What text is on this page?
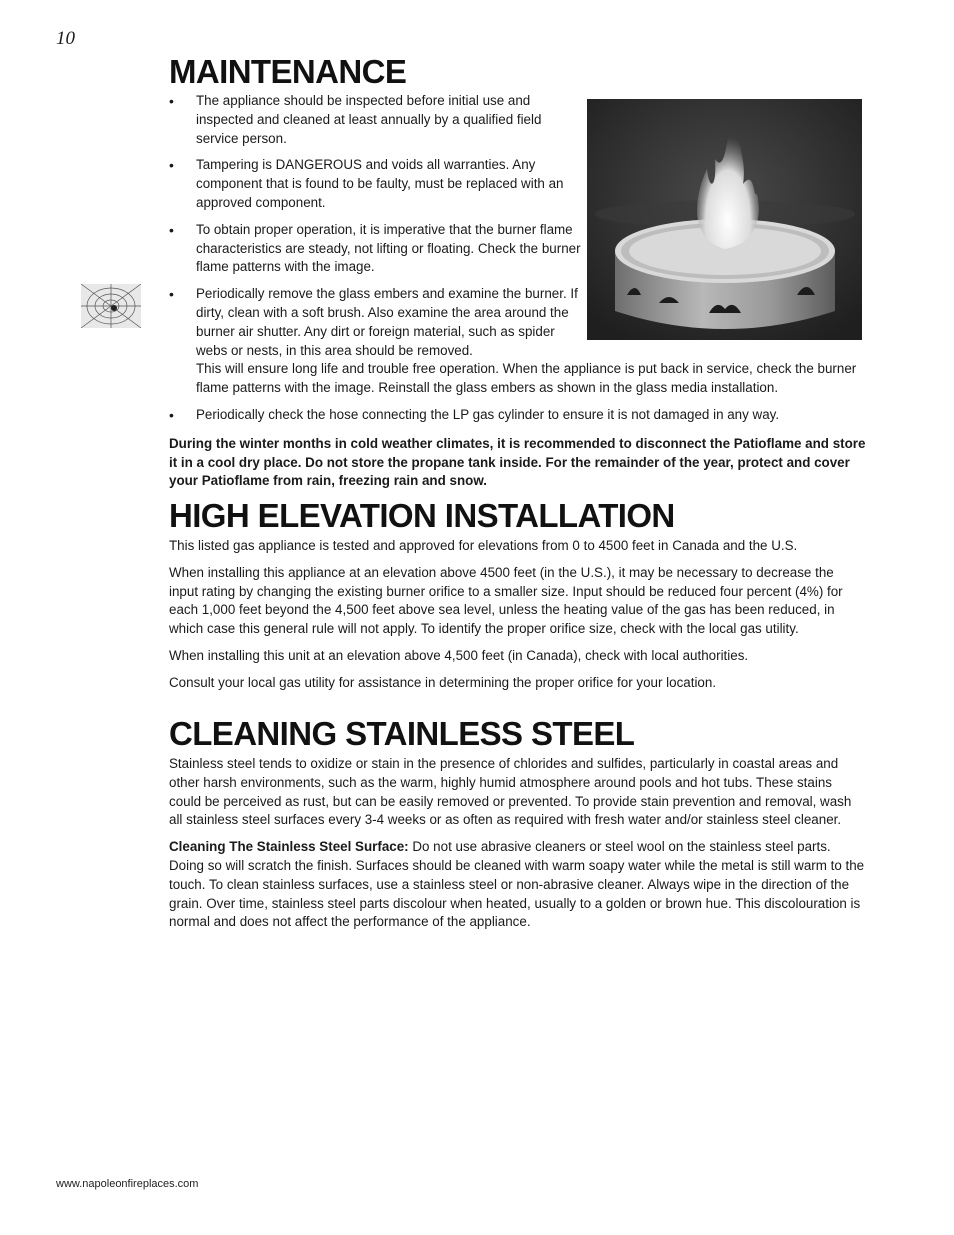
10
MAINTENANCE
• The appliance should be inspected before initial use and inspected and cleaned at least annually by a qualified field service person.
• Tampering is DANGEROUS and voids all warranties. Any component that is found to be faulty, must be replaced with an approved component.
• To obtain proper operation, it is imperative that the burner flame characteristics are steady, not lifting or floating. Check the burner flame patterns with the image.
• Periodically remove the glass embers and examine the burner. If dirty, clean with a soft brush. Also examine the area around the burner air shutter. Any dirt or foreign material, such as spider webs or nests, in this area should be removed.
This will ensure long life and trouble free operation. When the appliance is put back in service, check the burner flame patterns with the image. Reinstall the glass embers as shown in the glass media installation.
• Periodically check the hose connecting the LP gas cylinder to ensure it is not damaged in any way.

During the winter months in cold weather climates, it is recommended to disconnect the Patioflame and store it in a cool dry place. Do not store the propane tank inside. For the remainder of the year, protect and cover your Patioflame from rain, freezing rain and snow.

HIGH ELEVATION INSTALLATION

This listed gas appliance is tested and approved for elevations from 0 to 4500 feet in Canada and the U.S.

When installing this appliance at an elevation above 4500 feet (in the U.S.), it may be necessary to decrease the input rating by changing the existing burner orifice to a smaller size. Input should be reduced four percent (4%) for each 1,000 feet beyond the 4,500 feet above sea level, unless the heating value of the gas has been reduced, in which case this general rule will not apply. To identify the proper orifice size, check with the local gas utility.

When installing this unit at an elevation above 4,500 feet (in Canada), check with local authorities.

Consult your local gas utility for assistance in determining the proper orifice for your location.

CLEANING STAINLESS STEEL

Stainless steel tends to oxidize or stain in the presence of chlorides and sulfides, particularly in coastal areas and other harsh environments, such as the warm, highly humid atmosphere around pools and hot tubs. These stains could be perceived as rust, but can be easily removed or prevented. To provide stain prevention and removal, wash all stainless steel surfaces every 3-4 weeks or as often as required with fresh water and/or stainless steel cleaner.

Cleaning The Stainless Steel Surface: Do not use abrasive cleaners or steel wool on the stainless steel parts. Doing so will scratch the finish. Surfaces should be cleaned with warm soapy water while the metal is still warm to the touch. To clean stainless surfaces, use a stainless steel or non-abrasive cleaner. Always wipe in the direction of the grain. Over time, stainless steel parts discolour when heated, usually to a golden or brown hue. This discolouration is normal and does not affect the performance of the appliance.

www.napoleonfireplaces.com
